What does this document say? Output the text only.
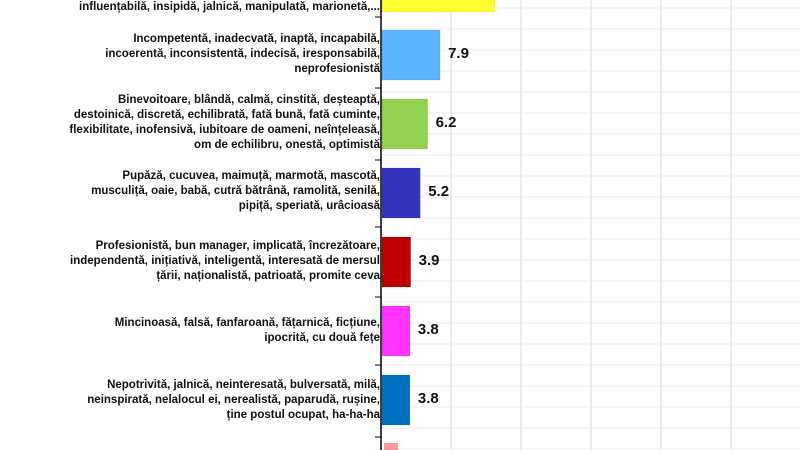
7.9
6.2
5.2
3.9
3.8
3.8
influențabilă, insipidă, jalnică, manipulată, marionetă,...
Incompetentă, inadecvată, inaptă, incapabilă,
incoerentă, inconsistentă, indecisă, iresponsabilă,
neprofesionistă
Binevoitoare, blândă, calmă, cinstită, deșteaptă,
destoinică, discretă, echilibrată, fată bună, fată cuminte,
flexibilitate, inofensivă, iubitoare de oameni, neînțeleasă,
om de echilibru, onestă, optimistă
Pupăză, cucuvea, maimuță, marmotă, mascotă,
musculiță, oaie, babă, cutră bătrână, ramolită, senilă,
pipiță, speriată, urâcioasă
Profesionistă, bun manager, implicată, încrezătoare,
independentă, inițiativă, inteligentă, interesată de mersul
țării, naționalistă, patrioată, promite ceva
Mincinoasă, falsă, fanfaroană, fățarnică, ficțiune,
ipocrită, cu două fețe
Nepotrivită, jalnică, neinteresată, bulversată, milă,
neinspirată, nelalocul ei, nerealistă, paparudă, rușine,
ține postul ocupat, ha-ha-ha
